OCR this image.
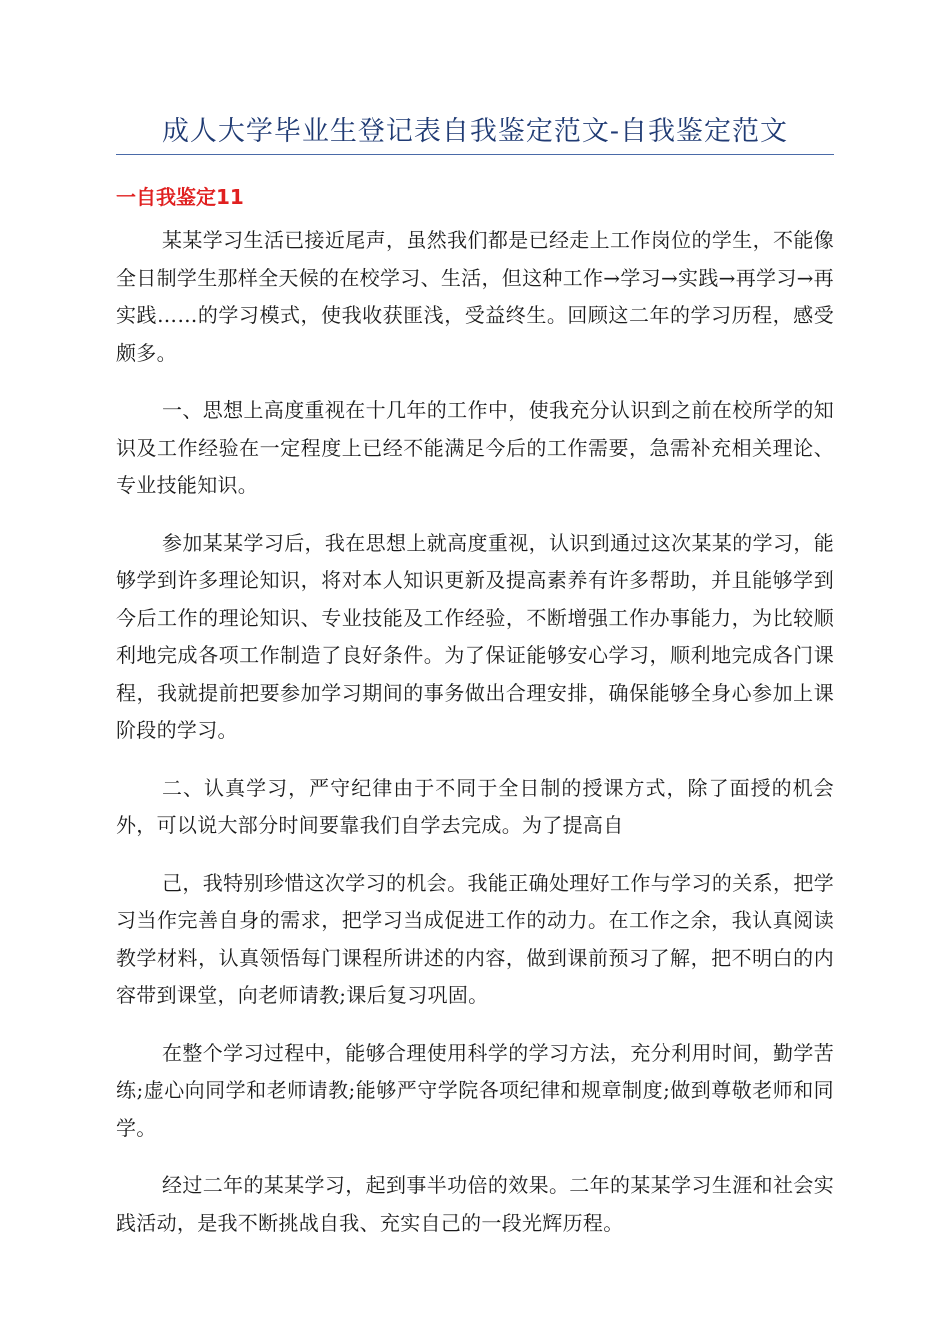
成人大学毕业生登记表自我鉴定范文-自我鉴定范文
一自我鉴定11

某某学习生活已接近尾声，虽然我们都是已经走上工作岗位的学生，不能像全日制学生那样全天候的在校学习、生活，但这种工作→学习→实践→再学习→再实践……的学习模式，使我收获匪浅，受益终生。回顾这二年的学习历程，感受颇多。

一、思想上高度重视在十几年的工作中，使我充分认识到之前在校所学的知识及工作经验在一定程度上已经不能满足今后的工作需要，急需补充相关理论、专业技能知识。

参加某某学习后，我在思想上就高度重视，认识到通过这次某某的学习，能够学到许多理论知识，将对本人知识更新及提高素养有许多帮助，并且能够学到今后工作的理论知识、专业技能及工作经验，不断增强工作办事能力，为比较顺利地完成各项工作制造了良好条件。为了保证能够安心学习，顺利地完成各门课程，我就提前把要参加学习期间的事务做出合理安排，确保能够全身心参加上课阶段的学习。

二、认真学习，严守纪律由于不同于全日制的授课方式，除了面授的机会外，可以说大部分时间要靠我们自学去完成。为了提高自

己，我特别珍惜这次学习的机会。我能正确处理好工作与学习的关系，把学习当作完善自身的需求，把学习当成促进工作的动力。在工作之余，我认真阅读教学材料，认真领悟每门课程所讲述的内容，做到课前预习了解，把不明白的内容带到课堂，向老师请教;课后复习巩固。

在整个学习过程中，能够合理使用科学的学习方法，充分利用时间，勤学苦练;虚心向同学和老师请教;能够严守学院各项纪律和规章制度;做到尊敬老师和同学。

经过二年的某某学习，起到事半功倍的效果。二年的某某学习生涯和社会实践活动，是我不断挑战自我、充实自己的一段光辉历程。
